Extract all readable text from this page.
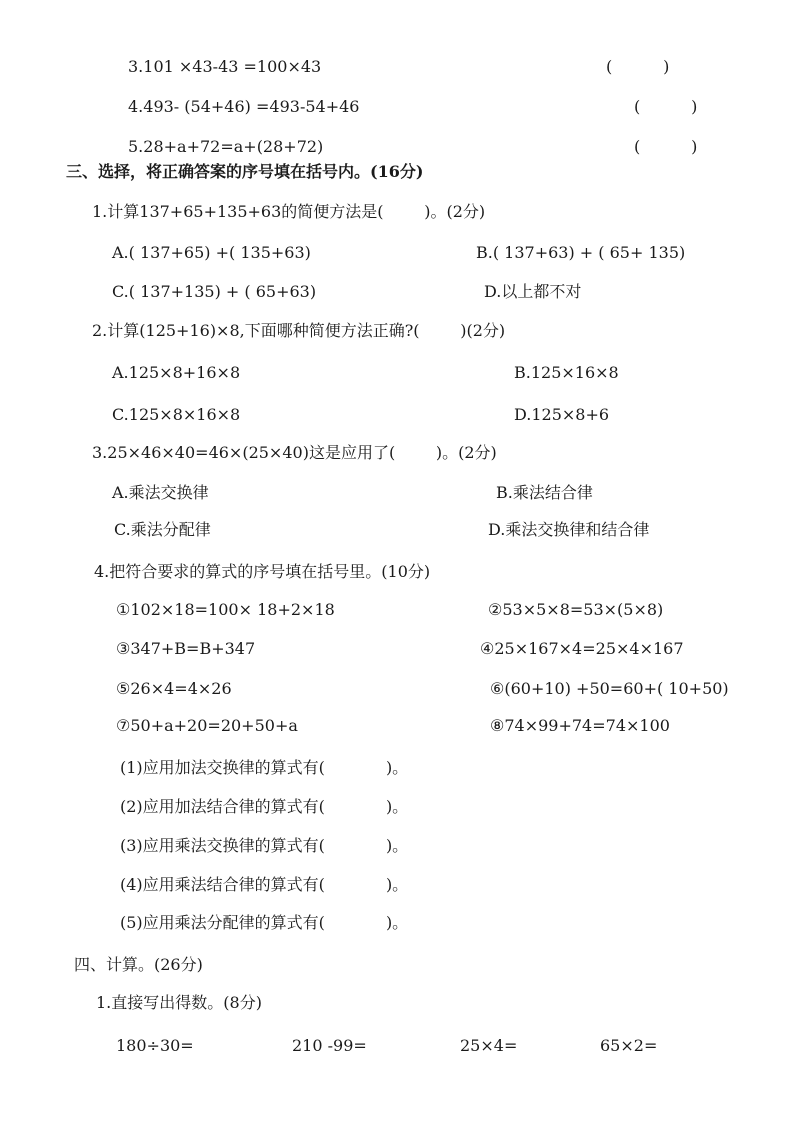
3.101 ×43-43 =100×43	(          )
4.493- (54+46) =493-54+46	(          )
5.28+a+72=a+(28+72)	(          )
三、选择，将正确答案的序号填在括号内。(16分)
1.计算137+65+135+63的简便方法是(        )。(2分)
A.( 137+65) +( 135+63)	B.( 137+63) + ( 65+ 135)
C.( 137+135) + ( 65+63)	D.以上都不对
2.计算(125+16)×8,下面哪种简便方法正确?(        )(2分)
A.125×8+16×8	B.125×16×8
C.125×8×16×8	D.125×8+6
3.25×46×40=46×(25×40)这是应用了(        )。(2分)
A.乘法交换律	B.乘法结合律
C.乘法分配律	D.乘法交换律和结合律
4.把符合要求的算式的序号填在括号里。(10分)
①102×18=100× 18+2×18	②53×5×8=53×(5×8)
③347+B=B+347	④25×167×4=25×4×167
⑤26×4=4×26	⑥(60+10) +50=60+( 10+50)
⑦50+a+20=20+50+a	⑧74×99+74=74×100
(1)应用加法交换律的算式有(            )。
(2)应用加法结合律的算式有(            )。
(3)应用乘法交换律的算式有(            )。
(4)应用乘法结合律的算式有(            )。
(5)应用乘法分配律的算式有(            )。
四、计算。(26分)
1.直接写出得数。(8分)
180÷30=	210 -99=	25×4=	65×2=
